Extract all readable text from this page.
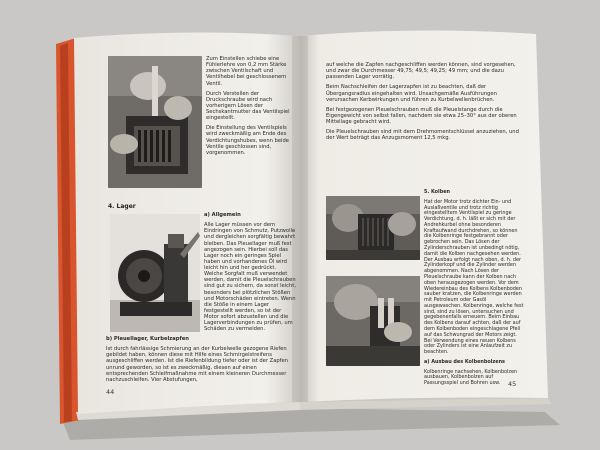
Zum Einstellen schiebe eine Fühlerlehre von 0,2 mm Stärke zwischen Ventilschaft und Ventilhebel bei geschlossenem Ventil.

Durch Verstellen der Druckschraube wird nach vorherigem Lösen der Sechskantmutter das Ventilspiel eingestellt.

Die Einstellung des Ventilspiels wird zweckmäßig am Ende des Verdichtungshubes, wenn beide Ventile geschlossen sind, vorgenommen.

4. Lager

a) Allgemein

Alle Lager müssen vor dem Eindringen von Schmutz, Putzwolle und dergleichen sorgfältig bewahrt bleiben. Das Pleuellager muß fest angezogen sein. Hierbei soll das Lager noch ein geringes Spiel haben und vorhandenes Öl wird leicht hin und her gedrückt. Welche Sorgfalt muß verwendet werden, damit die Pleuelschrauben sind gut zu sichern, da sonst leicht, besonders bei plötzlichen Stößen und Motorschäden eintreten. Wenn die Stöße in einem Lager festgestellt werden, so ist der Motor sofort abzustellen und die Lagerverbindungen zu prüfen, um Schäden zu vermeiden.

b) Pleuellager, Kurbelzapfen

Ist durch fahrlässige Schmierung an der Kurbelwelle gezogene Riefen gebildet haben, können diese mit Hilfe eines Schmirgelstreifens ausgeschliffen werden. Ist die Riefenbildung tiefer oder ist der Zapfen unrund geworden, so ist es zweckmäßig, diesen auf einen entsprechenden Schleifmaßnahme mit einem kleineren Durchmesser nachzuschleifen. Vier Abstufungen,

44

auf welche die Zapfen nachgeschliffen werden können, sind vorgesehen, und zwar die Durchmesser 49,75; 49,5; 49,25; 49 mm; und die dazu passenden Lager vorrätig.

Beim Nachschleifen der Lagerzapfen ist zu beachten, daß der Übergangsradius eingehalten wird. Unsachgemäße Ausführungen verursachen Kerbwirkungen und führen zu Kurbelwellenbrüchen.

Bei festgezogenen Pleuelschrauben muß die Pleuelstange durch die Eigengewicht von selbst fallen, nachdem sie etwa 25–30° aus der oberen Mittellage gebracht wird.

Die Pleuelschrauben sind mit dem Drehmomentschlüssel anzuziehen, und der Wert beträgt das Anzugsmoment 12,5 mkg.

5. Kolben

Hat der Motor trotz dichter Ein- und Auslaßventile und trotz richtig eingestelltem Ventilspiel zu geringe Verdichtung, d. h. läßt er sich mit der Andrehkurbel ohne besonderen Kraftaufwand durchdrehen, so können die Kolbenringe festgebrannt oder gebrochen sein. Das Lösen der Zylinderschrauben ist unbedingt nötig, damit die Kolben nachgesehen werden. Der Ausbau erfolgt nach oben, d. h. der Zylinderkopf und die Zylinder werden abgenommen. Nach Lösen der Pleuelschraube kann der Kolben nach oben herausgezogen werden. Vor dem Wiedereinbau des Kolbens Kolbenboden sauber kratzen, die Kolbenringe werden mit Petroleum oder Gasöl ausgewaschen. Kolbenringe, welche fest sind, sind zu lösen, untersuchen und gegebenenfalls erneuern. Beim Einbau des Kolbens darauf achten, daß der auf dem Kolbenboden eingeschlagene Pfeil auf das Schwungrad der Motors zeigt. Bei Verwendung eines neuen Kolbens oder Zylinders ist eine Anlaufzeit zu beachten.

a) Ausbau des Kolbenbolzens

Kolbenringe nachsehen, Kolbenbolzen ausbauen, Kolbenbolzen auf Passungsspiel und Bohren usw.	45
